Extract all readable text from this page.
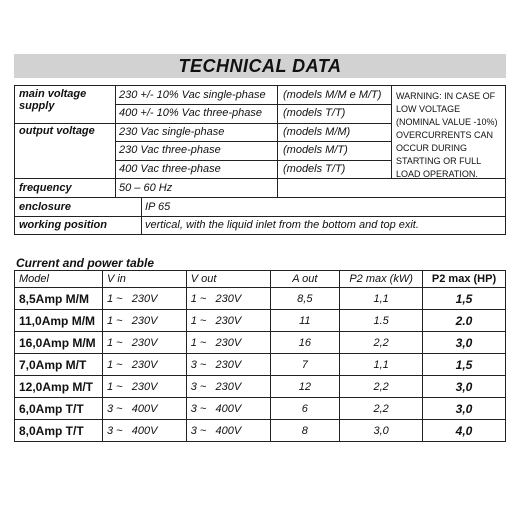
TECHNICAL DATA
main voltage
supply
230 +/- 10% Vac single-phase (models M/M e M/T)
400 +/- 10% Vac three-phase (models T/T)
output voltage 230 Vac single-phase	(models M/M)
230 Vac three-phase	(models M/T)
400 Vac three-phase	(models T/T)
WARNING: IN CASE OF
LOW VOLTAGE
(NOMINAL VALUE -10%)
OVERCURRENTS CAN
OCCUR DURING
STARTING OR FULL
LOAD OPERATION.
frequency	50 – 60 Hz
enclosure	IP 65
working position	vertical, with the liquid inlet from the bottom and top exit.
Current and power table
Model	V in	V out	A out	P2 max (kW)	P2 max (HP)
8,5Amp M/M	1 ~   230V	1 ~   230V	8,5	1,1	1,5
11,0Amp M/M	1 ~   230V	1 ~   230V	11	1.5	2.0
16,0Amp M/M	1 ~   230V	1 ~   230V	16	2,2	3,0
7,0Amp M/T	1 ~   230V	3 ~   230V	7	1,1	1,5
12,0Amp M/T	1 ~   230V	3 ~   230V	12	2,2	3,0
6,0Amp T/T	3 ~   400V	3 ~   400V	6	2,2	3,0
8,0Amp T/T	3 ~   400V	3 ~   400V	8	3,0	4,0
